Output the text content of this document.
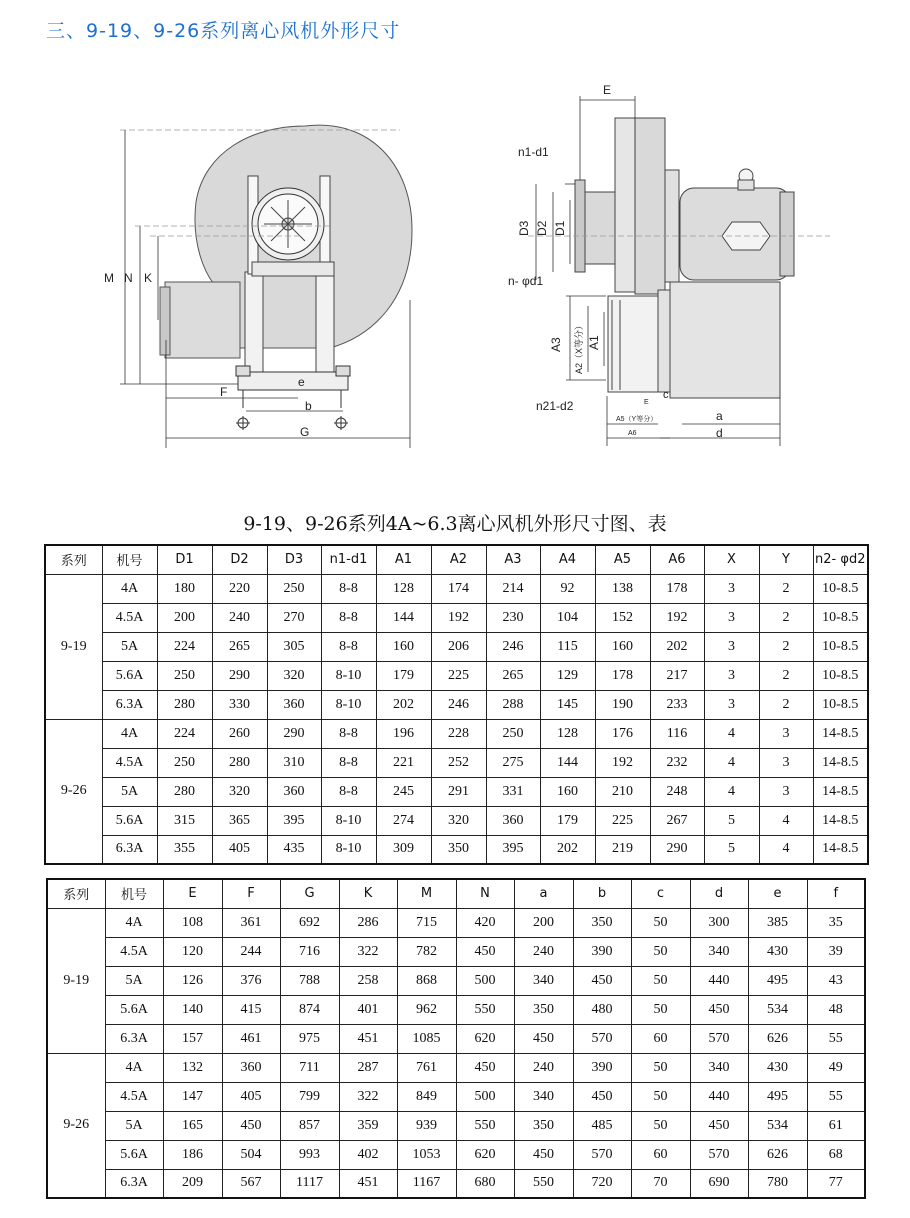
三、9-19、9-26系列离心风机外形尺寸
M N K
F
e
b
G
E
n1-d1
D3 D2 D1
n- φd1
A3 A2（X等分） A1
n21-d2
c
E
A5（Y等分）
A6
a
d
9-19、9-26系列4A~6.3离心风机外形尺寸图、表
系列	机号	D1	D2	D3	n1-d1	A1	A2	A3	A4	A5	A6	X	Y	n2- φd2
9-19	4A	180	220	250	8-8	128	174	214	92	138	178	3	2	10-8.5
	4.5A	200	240	270	8-8	144	192	230	104	152	192	3	2	10-8.5
	5A	224	265	305	8-8	160	206	246	115	160	202	3	2	10-8.5
	5.6A	250	290	320	8-10	179	225	265	129	178	217	3	2	10-8.5
	6.3A	280	330	360	8-10	202	246	288	145	190	233	3	2	10-8.5
9-26	4A	224	260	290	8-8	196	228	250	128	176	116	4	3	14-8.5
	4.5A	250	280	310	8-8	221	252	275	144	192	232	4	3	14-8.5
	5A	280	320	360	8-8	245	291	331	160	210	248	4	3	14-8.5
	5.6A	315	365	395	8-10	274	320	360	179	225	267	5	4	14-8.5
	6.3A	355	405	435	8-10	309	350	395	202	219	290	5	4	14-8.5
系列	机号	E	F	G	K	M	N	a	b	c	d	e	f
9-19	4A	108	361	692	286	715	420	200	350	50	300	385	35
	4.5A	120	244	716	322	782	450	240	390	50	340	430	39
	5A	126	376	788	258	868	500	340	450	50	440	495	43
	5.6A	140	415	874	401	962	550	350	480	50	450	534	48
	6.3A	157	461	975	451	1085	620	450	570	60	570	626	55
9-26	4A	132	360	711	287	761	450	240	390	50	340	430	49
	4.5A	147	405	799	322	849	500	340	450	50	440	495	55
	5A	165	450	857	359	939	550	350	485	50	450	534	61
	5.6A	186	504	993	402	1053	620	450	570	60	570	626	68
	6.3A	209	567	1117	451	1167	680	550	720	70	690	780	77
